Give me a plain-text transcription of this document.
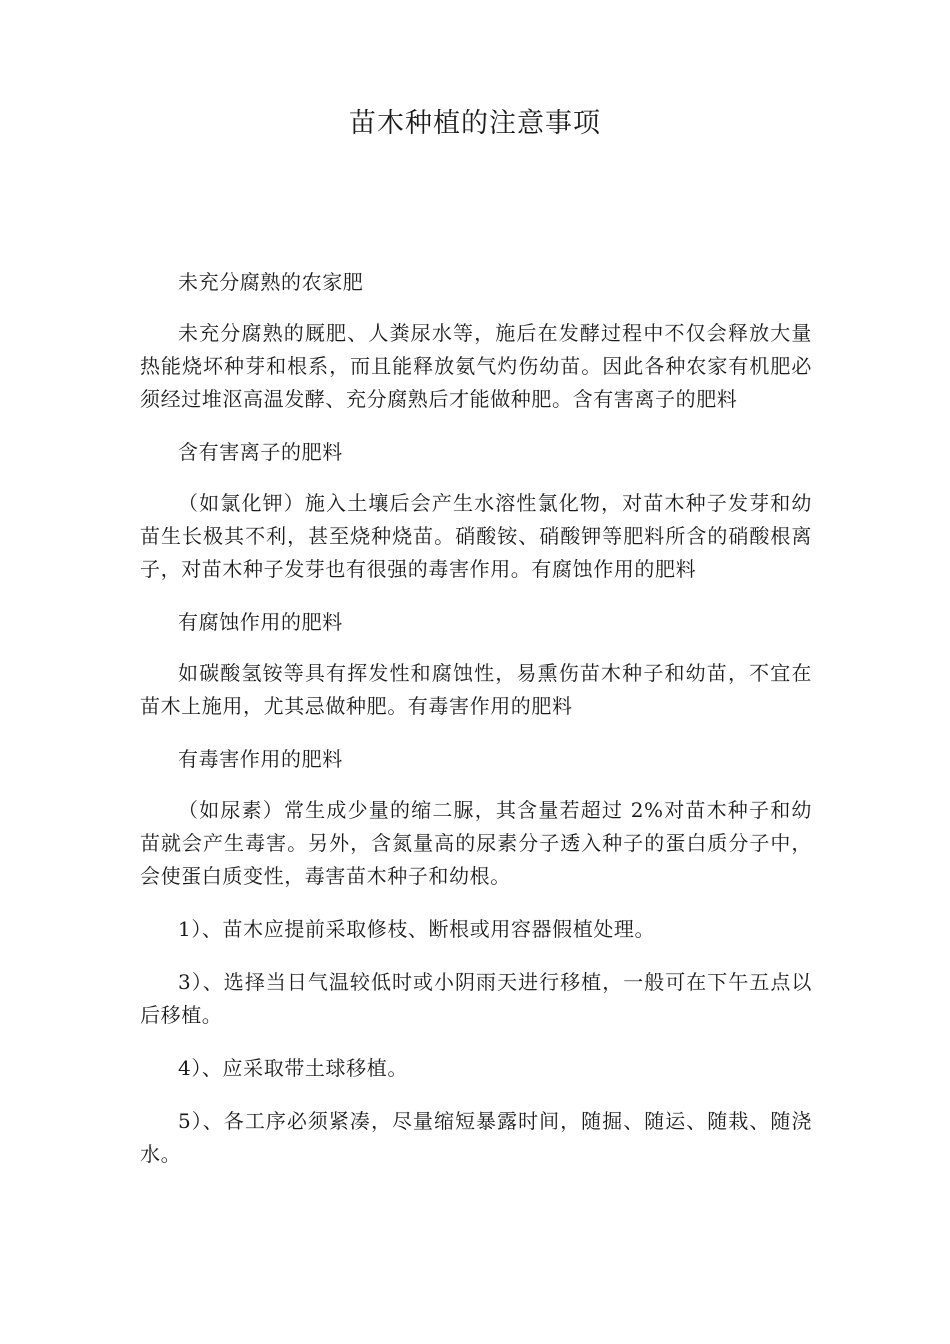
苗木种植的注意事项

未充分腐熟的农家肥

未充分腐熟的厩肥、人粪尿水等，施后在发酵过程中不仅会释放大量热能烧坏种芽和根系，而且能释放氨气灼伤幼苗。因此各种农家有机肥必须经过堆沤高温发酵、充分腐熟后才能做种肥。含有害离子的肥料

含有害离子的肥料

（如氯化钾）施入土壤后会产生水溶性氯化物，对苗木种子发芽和幼苗生长极其不利，甚至烧种烧苗。硝酸铵、硝酸钾等肥料所含的硝酸根离子，对苗木种子发芽也有很强的毒害作用。有腐蚀作用的肥料

有腐蚀作用的肥料

如碳酸氢铵等具有挥发性和腐蚀性，易熏伤苗木种子和幼苗，不宜在苗木上施用，尤其忌做种肥。有毒害作用的肥料

有毒害作用的肥料

（如尿素）常生成少量的缩二脲，其含量若超过 2%对苗木种子和幼苗就会产生毒害。另外，含氮量高的尿素分子透入种子的蛋白质分子中，会使蛋白质变性，毒害苗木种子和幼根。

1）、苗木应提前采取修枝、断根或用容器假植处理。

3）、选择当日气温较低时或小阴雨天进行移植，一般可在下午五点以后移植。

4）、应采取带土球移植。

5）、各工序必须紧凑，尽量缩短暴露时间，随掘、随运、随栽、随浇水。
